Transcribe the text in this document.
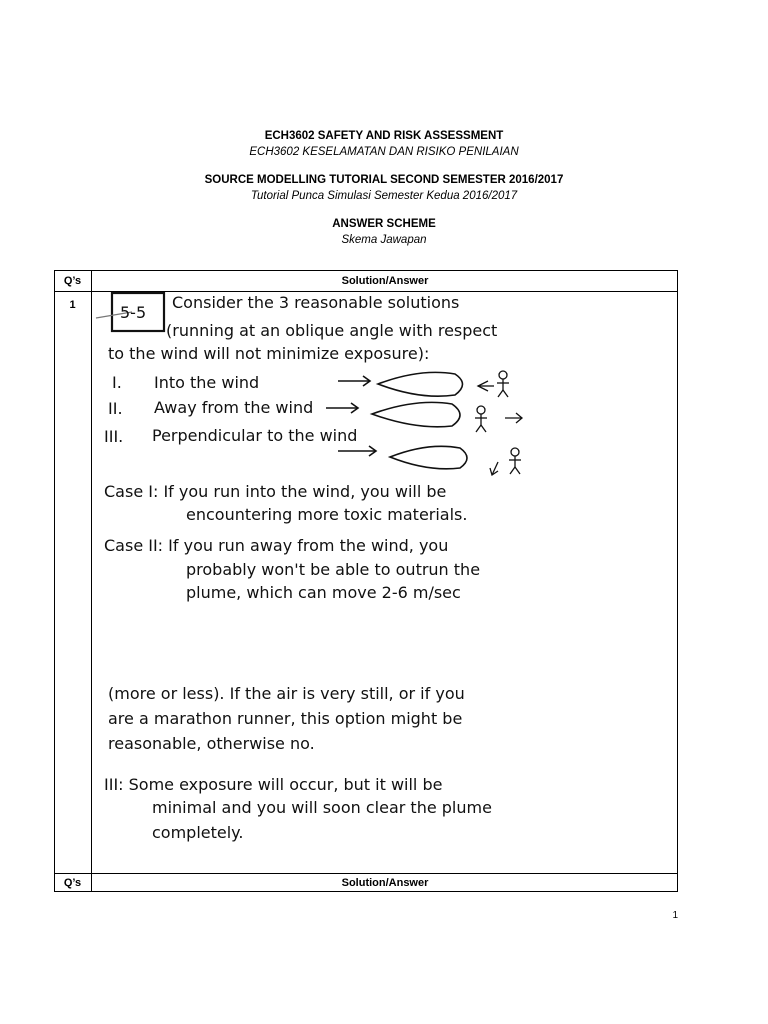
ECH3602 SAFETY AND RISK ASSESSMENT
ECH3602 KESELAMATAN DAN RISIKO PENILAIAN
SOURCE MODELLING TUTORIAL SECOND SEMESTER 2016/2017
Tutorial Punca Simulasi Semester Kedua 2016/2017
ANSWER SCHEME
Skema Jawapan
Q’s	Solution/Answer
1
Q’s	Solution/Answer
5-5
Consider the 3 reasonable solutions
(running at an oblique angle with respect
to the wind will not minimize exposure):
I. Into the wind
II. Away from the wind
III. Perpendicular to the wind
Case I: If you run into the wind, you will be
encountering more toxic materials.
Case II: If you run away from the wind, you
probably won't be able to outrun the
plume, which can move 2-6 m/sec
(more or less). If the air is very still, or if you
are a marathon runner, this option might be
reasonable, otherwise no.
III: Some exposure will occur, but it will be
minimal and you will soon clear the plume
completely.
1
